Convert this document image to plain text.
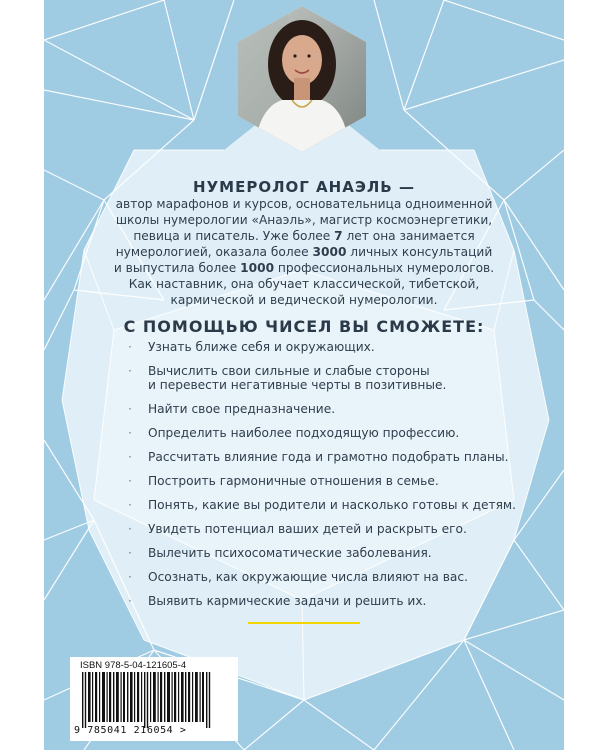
НУМЕРОЛОГ АНАЭЛЬ —
автор марафонов и курсов, основательница одноименной
школы нумерологии «Анаэль», магистр космоэнергетики,
певица и писатель. Уже более 7 лет она занимается
нумерологией, оказала более 3000 личных консультаций
и выпустила более 1000 профессиональных нумерологов.
Как наставник, она обучает классической, тибетской,
кармической и ведической нумерологии.
С ПОМОЩЬЮ ЧИСЕЛ ВЫ СМОЖЕТЕ:
· Узнать ближе себя и окружающих.
· Вычислить свои сильные и слабые стороны
и перевести негативные черты в позитивные.
· Найти свое предназначение.
· Определить наиболее подходящую профессию.
· Рассчитать влияние года и грамотно подобрать планы.
· Построить гармоничные отношения в семье.
· Понять, какие вы родители и насколько готовы к детям.
· Увидеть потенциал ваших детей и раскрыть его.
· Вылечить психосоматические заболевания.
· Осознать, как окружающие числа влияют на вас.
· Выявить кармические задачи и решить их.
ISBN 978-5-04-121605-4
9 785041 216054 >
